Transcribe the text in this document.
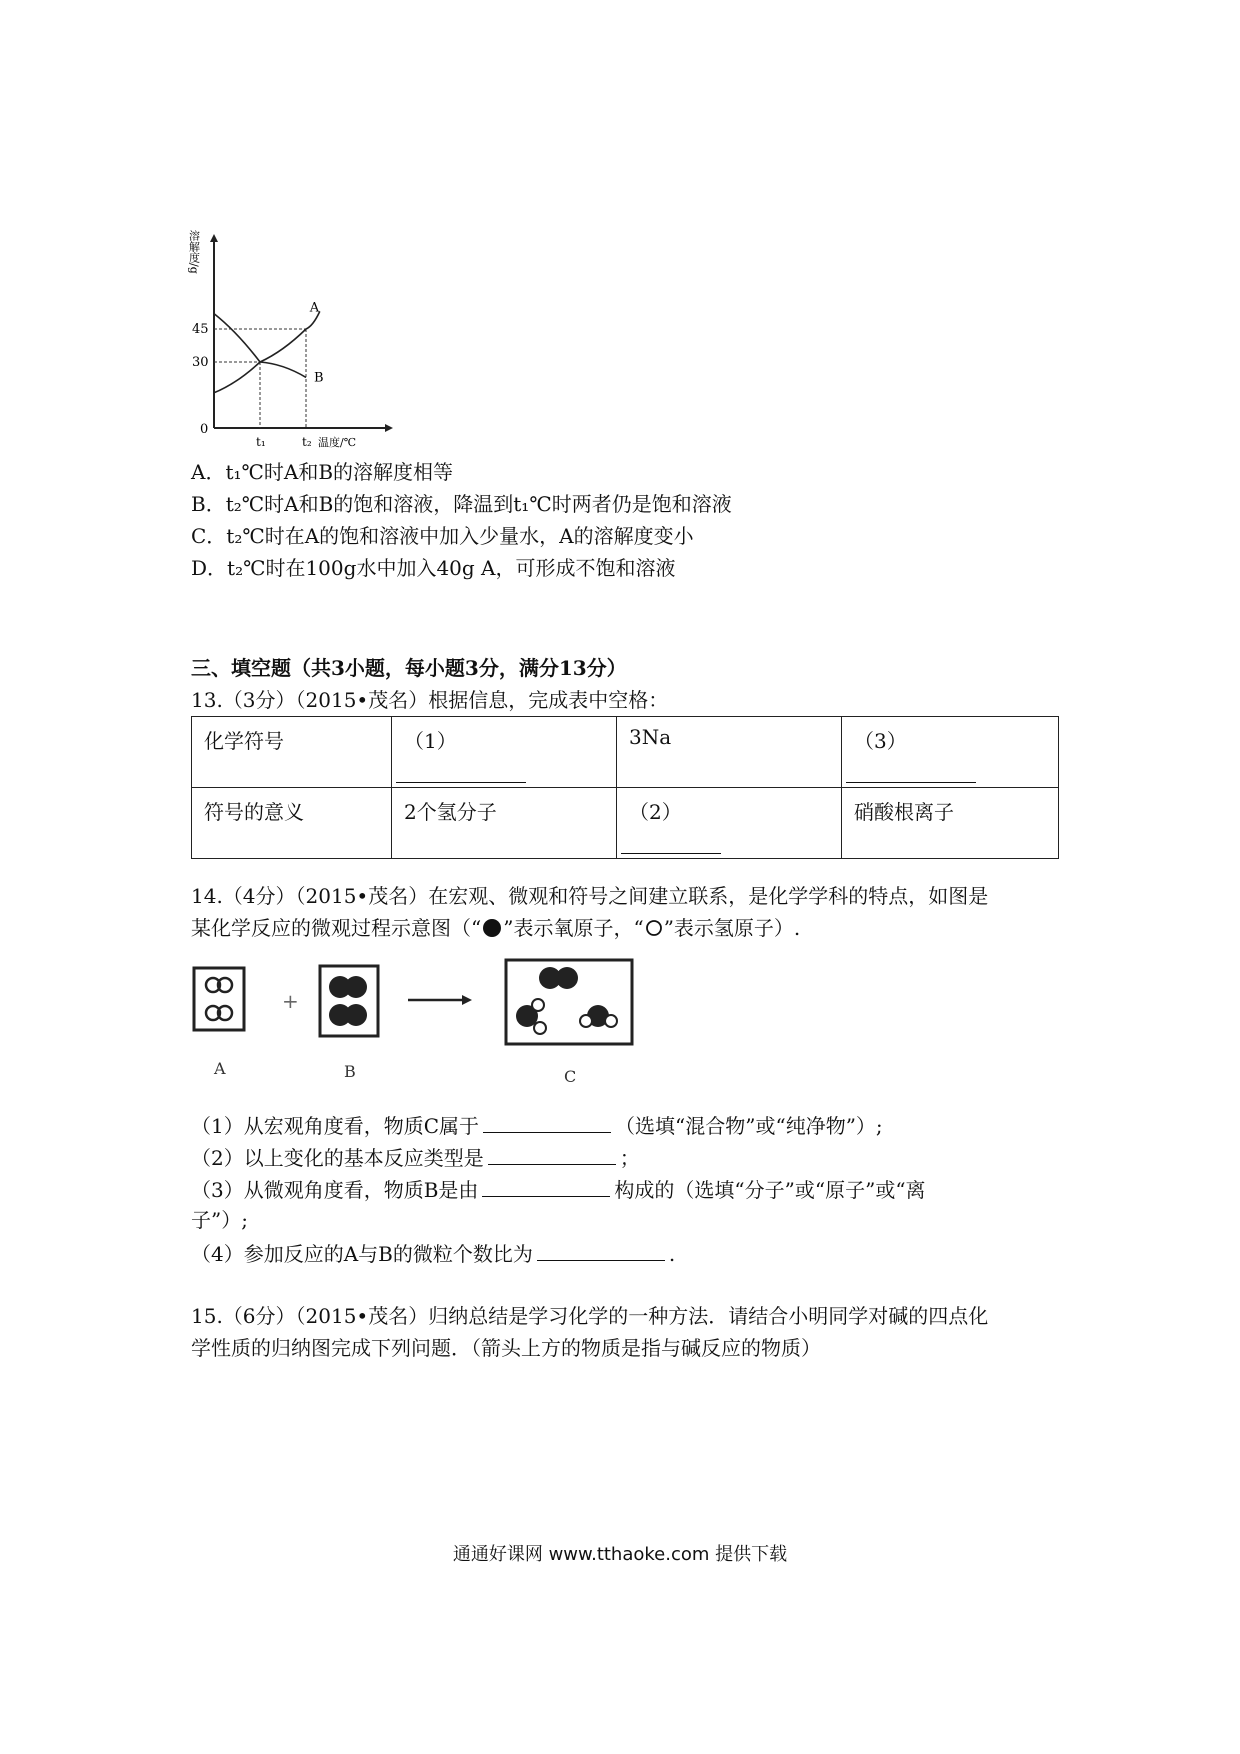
0
30
45
t₁	t₂ 温度/℃
A
B
溶解度/g
A．t₁℃时A和B的溶解度相等
B．t₂℃时A和B的饱和溶液，降温到t₁℃时两者仍是饱和溶液
C．t₂℃时在A的饱和溶液中加入少量水，A的溶解度变小
D．t₂℃时在100g水中加入40g A，可形成不饱和溶液
三、填空题（共3小题，每小题3分，满分13分）
13.（3分）（2015•茂名）根据信息，完成表中空格：
化学符号	（1）	3Na	（3）

符号的意义	2个氢分子	（2）	硝酸根离子
14.（4分）（2015•茂名）在宏观、微观和符号之间建立联系，是化学学科的特点，如图是
某化学反应的微观过程示意图（“ ”表示氧原子，“ ”表示氢原子）.
+
A	B	C
（1）从宏观角度看，物质C属于	（选填“混合物”或“纯净物”）;
（2）以上变化的基本反应类型是	；
（3）从微观角度看，物质B是由	构成的（选填“分子”或“原子”或“离
子”）;
（4）参加反应的A与B的微粒个数比为	.
15.（6分）（2015•茂名）归纳总结是学习化学的一种方法．请结合小明同学对碱的四点化
学性质的归纳图完成下列问题．（箭头上方的物质是指与碱反应的物质）
通通好课网 www.tthaoke.com 提供下载
